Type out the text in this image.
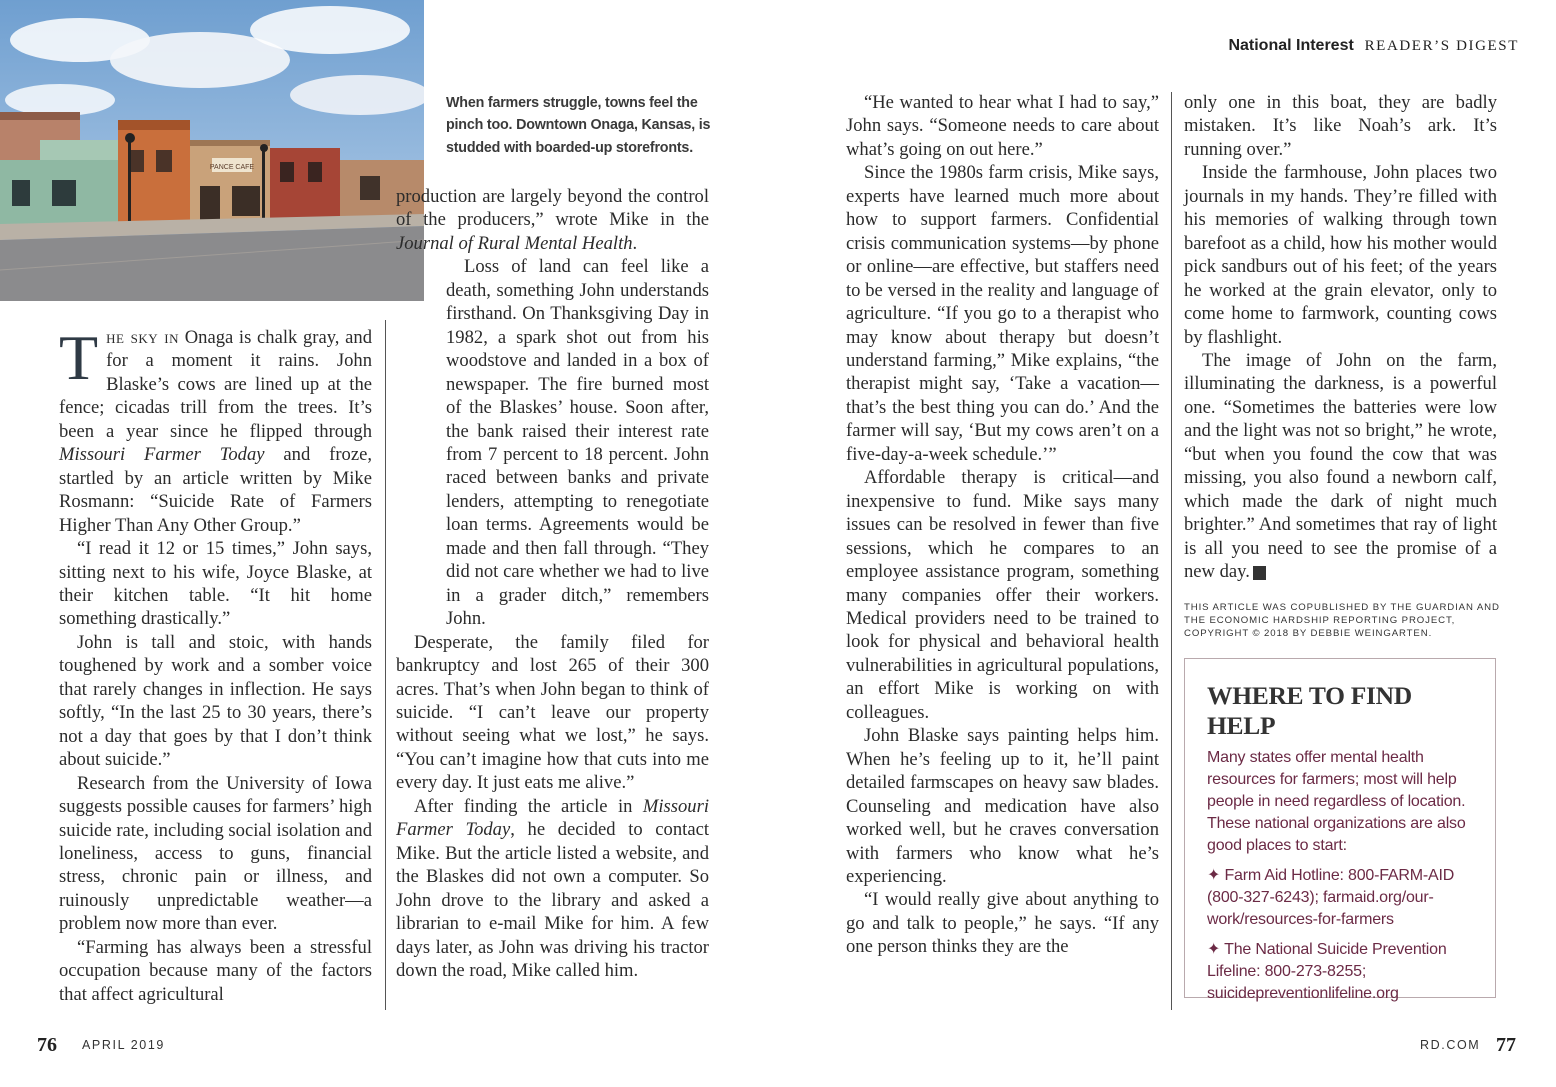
PANCE CAFE
When farmers struggle, towns feel the pinch too. Downtown Onaga, Kansas, is studded with boarded-up storefronts.
National Interest READER’S DIGEST

The sky in Onaga is chalk gray, and for a moment it rains. John Blaske’s cows are lined up at the fence; cicadas trill from the trees. It’s been a year since he flipped through Missouri Farmer Today and froze, startled by an article written by Mike Rosmann: “Suicide Rate of Farmers Higher Than Any Other Group.”

“I read it 12 or 15 times,” John says, sitting next to his wife, Joyce Blaske, at their kitchen table. “It hit home something drastically.”

John is tall and stoic, with hands toughened by work and a somber voice that rarely changes in inflection. He says softly, “In the last 25 to 30 years, there’s not a day that goes by that I don’t think about suicide.”

Research from the University of Iowa suggests possible causes for farmers’ high suicide rate, including social isolation and loneliness, access to guns, financial stress, chronic pain or illness, and ruinously unpredictable weather—a problem now more than ever.

“Farming has always been a stressful occupation because many of the factors that affect agricultural

production are largely beyond the control of the producers,” wrote Mike in the Journal of Rural Mental Health.

Loss of land can feel like a death, something John understands firsthand. On Thanksgiving Day in 1982, a spark shot out from his woodstove and landed in a box of newspaper. The fire burned most of the Blaskes’ house. Soon after, the bank raised their interest rate from 7 percent to 18 percent. John raced between banks and private lenders, attempting to renegotiate loan terms. Agreements would be made and then fall through. “They did not care whether we had to live in a grader ditch,” remembers John.

Desperate, the family filed for bankruptcy and lost 265 of their 300 acres. That’s when John began to think of suicide. “I can’t leave our property without seeing what we lost,” he says. “You can’t imagine how that cuts into me every day. It just eats me alive.”

After finding the article in Missouri Farmer Today, he decided to contact Mike. But the article listed a website, and the Blaskes did not own a computer. So John drove to the library and asked a librarian to e-mail Mike for him. A few days later, as John was driving his tractor down the road, Mike called him.

“He wanted to hear what I had to say,” John says. “Someone needs to care about what’s going on out here.”

Since the 1980s farm crisis, Mike says, experts have learned much more about how to support farmers. Confidential crisis communication systems—by phone or online—are effective, but staffers need to be versed in the reality and language of agriculture. “If you go to a therapist who may know about therapy but doesn’t understand farming,” Mike explains, “the therapist might say, ‘Take a vacation—that’s the best thing you can do.’ And the farmer will say, ‘But my cows aren’t on a five-day-a-week schedule.’”

Affordable therapy is critical—and inexpensive to fund. Mike says many issues can be resolved in fewer than five sessions, which he compares to an employee assistance program, something many companies offer their workers. Medical providers need to be trained to look for physical and behavioral health vulnerabilities in agricultural populations, an effort Mike is working on with colleagues.

John Blaske says painting helps him. When he’s feeling up to it, he’ll paint detailed farmscapes on heavy saw blades. Counseling and medication have also worked well, but he craves conversation with farmers who know what he’s experiencing.

“I would really give about anything to go and talk to people,” he says. “If any one person thinks they are the

only one in this boat, they are badly mistaken. It’s like Noah’s ark. It’s running over.”

Inside the farmhouse, John places two journals in my hands. They’re filled with his memories of walking through town barefoot as a child, how his mother would pick sandburs out of his feet; of the years he worked at the grain elevator, only to come home to farmwork, counting cows by flashlight.

The image of John on the farm, illuminating the darkness, is a powerful one. “Sometimes the batteries were low and the light was not so bright,” he wrote, “but when you found the cow that was missing, you also found a newborn calf, which made the dark of night much brighter.” And sometimes that ray of light is all you need to see the promise of a new day. R

THIS ARTICLE WAS COPUBLISHED BY THE GUARDIAN AND THE ECONOMIC HARDSHIP REPORTING PROJECT, COPYRIGHT © 2018 BY DEBBIE WEINGARTEN.
WHERE TO FIND HELP

Many states offer mental health resources for farmers; most will help people in need regardless of location. These national organizations are also good places to start:

✦ Farm Aid Hotline: 800-FARM-AID (800-327-6243); farmaid.org/our-work/resources-for-farmers

✦ The National Suicide Prevention Lifeline: 800-273-8255; suicidepreventionlifeline.org

76 APRIL 2019	RD.COM 77
